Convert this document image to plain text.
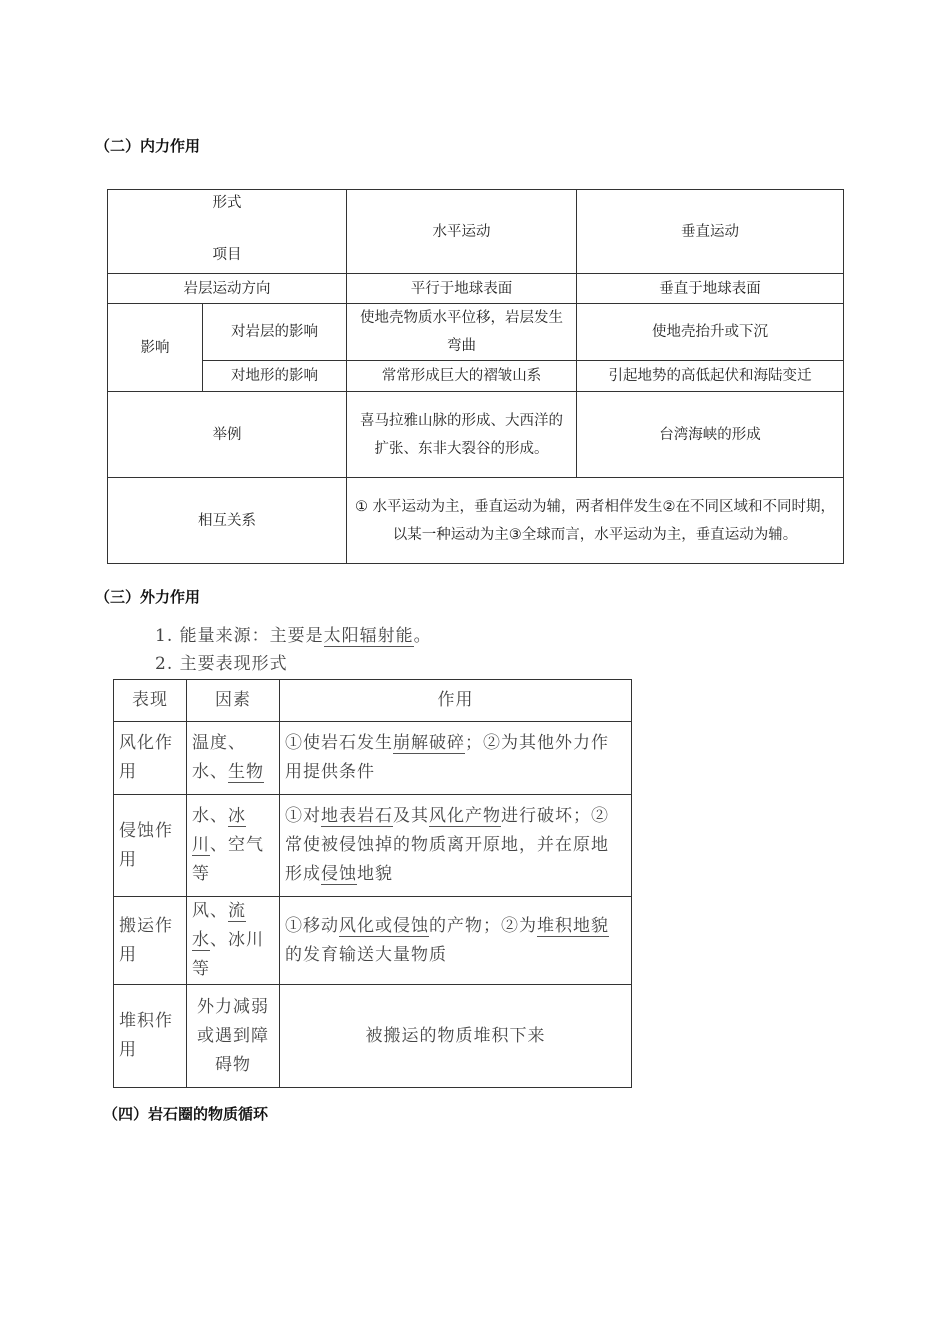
（二）内力作用
形式
项目		水平运动	垂直运动
岩层运动方向		平行于地球表面	垂直于地球表面
影响	对岩层的影响	使地壳物质水平位移，岩层发生弯曲	使地壳抬升或下沉
	对地形的影响	常常形成巨大的褶皱山系	引起地势的高低起伏和海陆变迁
举例		喜马拉雅山脉的形成、大西洋的扩张、东非大裂谷的形成。	台湾海峡的形成
相互关系		① 水平运动为主，垂直运动为辅，两者相伴发生②在不同区域和不同时期，以某一种运动为主③全球而言，水平运动为主，垂直运动为辅。	
（三）外力作用
1. 能量来源：主要是太阳辐射能。
2. 主要表现形式
表现	因素	作用
风化作用	温度、水、生物	①使岩石发生崩解破碎；②为其他外力作用提供条件
侵蚀作用	水、冰川、空气等	①对地表岩石及其风化产物进行破坏；②常使被侵蚀掉的物质离开原地，并在原地形成侵蚀地貌
搬运作用	风、流水、冰川等	①移动风化或侵蚀的产物；②为堆积地貌的发育输送大量物质
堆积作用	外力减弱或遇到障碍物	被搬运的物质堆积下来
（四）岩石圈的物质循环
